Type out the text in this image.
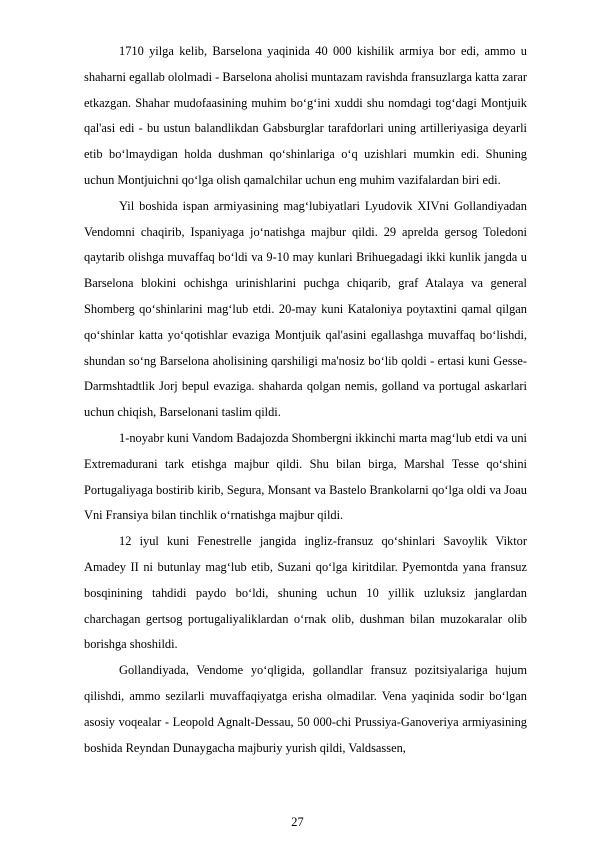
1710 yilga kelib, Barselona yaqinida 40 000 kishilik armiya bor edi, ammo u shaharni egallab ololmadi - Barselona aholisi muntazam ravishda fransuzlarga katta zarar etkazgan. Shahar mudofaasining muhim bo‘g‘ini xuddi shu nomdagi tog‘dagi Montjuik qal'asi edi - bu ustun balandlikdan Gabsburglar tarafdorlari uning artilleriyasiga deyarli etib bo‘lmaydigan holda dushman qo‘shinlariga o‘q uzishlari mumkin edi. Shuning uchun Montjuichni qo‘lga olish qamalchilar uchun eng muhim vazifalardan biri edi.

Yil boshida ispan armiyasining mag‘lubiyatlari Lyudovik XIVni Gollandiyadan Vendomni chaqirib, Ispaniyaga jo‘natishga majbur qildi. 29 aprelda gersog Toledoni qaytarib olishga muvaffaq bo‘ldi va 9-10 may kunlari Brihuegadagi ikki kunlik jangda u Barselona blokini ochishga urinishlarini puchga chiqarib, graf Atalaya va general Shomberg qo‘shinlarini mag‘lub etdi. 20-may kuni Kataloniya poytaxtini qamal qilgan qo‘shinlar katta yo‘qotishlar evaziga Montjuik qal'asini egallashga muvaffaq bo‘lishdi, shundan so‘ng Barselona aholisining qarshiligi ma'nosiz bo‘lib qoldi - ertasi kuni Gesse-Darmshtadtlik Jorj bepul evaziga. shaharda qolgan nemis, golland va portugal askarlari uchun chiqish, Barselonani taslim qildi.

1-noyabr kuni Vandom Badajozda Shombergni ikkinchi marta mag‘lub etdi va uni Extremadurani tark etishga majbur qildi. Shu bilan birga, Marshal Tesse qo‘shini Portugaliyaga bostirib kirib, Segura, Monsant va Bastelo Brankolarni qo‘lga oldi va Joau Vni Fransiya bilan tinchlik o‘rnatishga majbur qildi.

12 iyul kuni Fenestrelle jangida ingliz-fransuz qo‘shinlari Savoylik Viktor Amadey II ni butunlay mag‘lub etib, Suzani qo‘lga kiritdilar. Pyemontda yana fransuz bosqinining tahdidi paydo bo‘ldi, shuning uchun 10 yillik uzluksiz janglardan charchagan gertsog portugaliyaliklardan o‘rnak olib, dushman bilan muzokaralar olib borishga shoshildi.

Gollandiyada, Vendome yo‘qligida, gollandlar fransuz pozitsiyalariga hujum qilishdi, ammo sezilarli muvaffaqiyatga erisha olmadilar. Vena yaqinida sodir bo‘lgan asosiy voqealar - Leopold Agnalt-Dessau, 50 000-chi Prussiya-Ganoveriya armiyasining boshida Reyndan Dunaygacha majburiy yurish qildi, Valdsassen,

27
